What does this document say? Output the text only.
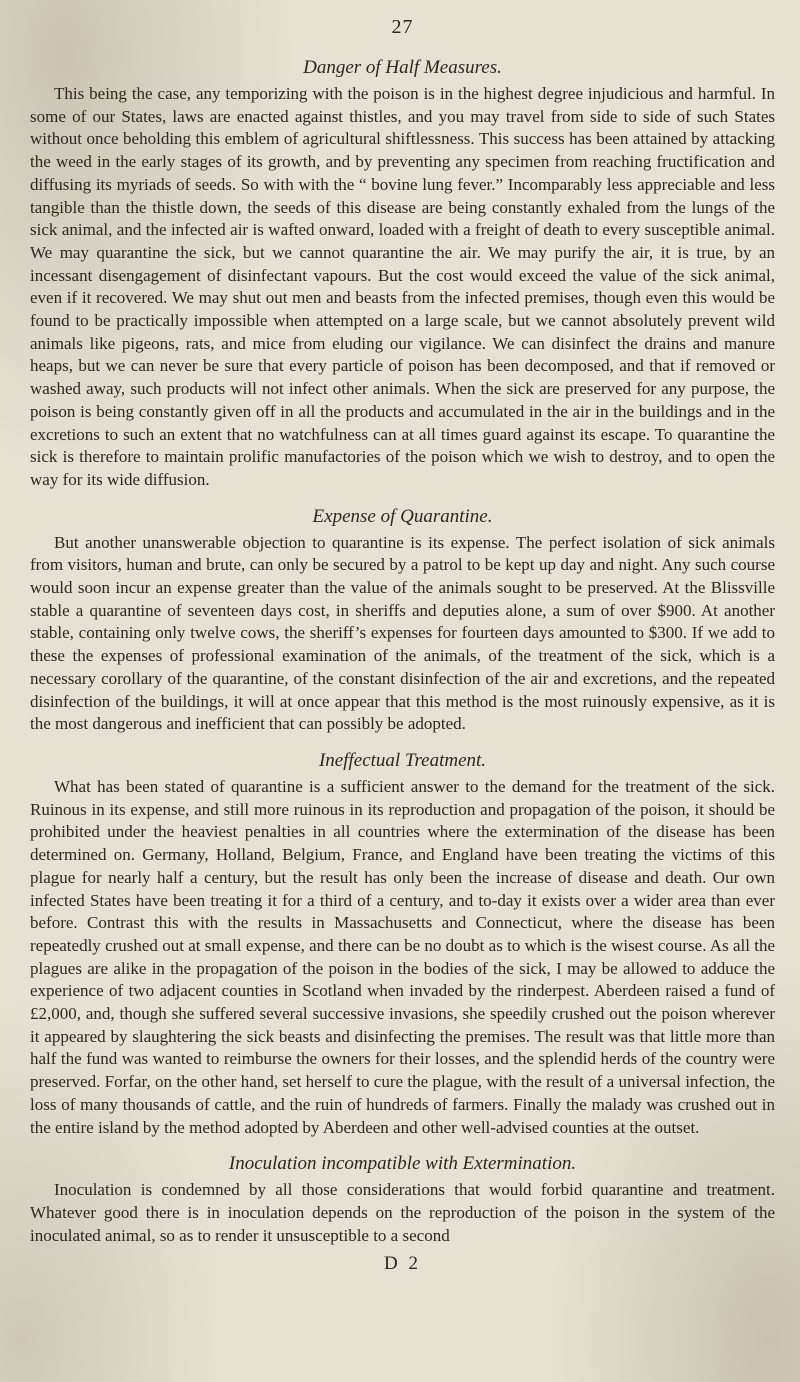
27
Danger of Half Measures.

This being the case, any temporizing with the poison is in the highest degree injudicious and harmful. In some of our States, laws are enacted against thistles, and you may travel from side to side of such States without once beholding this emblem of agricultural shiftlessness. This success has been attained by attacking the weed in the early stages of its growth, and by preventing any specimen from reaching fructification and diffusing its myriads of seeds. So with with the “ bovine lung fever.” Incomparably less appreciable and less tangible than the thistle down, the seeds of this disease are being constantly exhaled from the lungs of the sick animal, and the infected air is wafted onward, loaded with a freight of death to every susceptible animal. We may quarantine the sick, but we cannot quarantine the air. We may purify the air, it is true, by an incessant disengagement of disinfectant vapours. But the cost would exceed the value of the sick animal, even if it recovered. We may shut out men and beasts from the infected premises, though even this would be found to be practically impossible when attempted on a large scale, but we cannot absolutely prevent wild animals like pigeons, rats, and mice from eluding our vigilance. We can disinfect the drains and manure heaps, but we can never be sure that every particle of poison has been decomposed, and that if removed or washed away, such products will not infect other animals. When the sick are preserved for any purpose, the poison is being constantly given off in all the products and accumulated in the air in the buildings and in the excretions to such an extent that no watchfulness can at all times guard against its escape. To quarantine the sick is therefore to maintain prolific manufactories of the poison which we wish to destroy, and to open the way for its wide diffusion.

Expense of Quarantine.

But another unanswerable objection to quarantine is its expense. The perfect isolation of sick animals from visitors, human and brute, can only be secured by a patrol to be kept up day and night. Any such course would soon incur an expense greater than the value of the animals sought to be preserved. At the Blissville stable a quarantine of seventeen days cost, in sheriffs and deputies alone, a sum of over $900. At another stable, containing only twelve cows, the sheriff’s expenses for fourteen days amounted to $300. If we add to these the expenses of professional examination of the animals, of the treatment of the sick, which is a necessary corollary of the quarantine, of the constant disinfection of the air and excretions, and the repeated disinfection of the buildings, it will at once appear that this method is the most ruinously expensive, as it is the most dangerous and inefficient that can possibly be adopted.

Ineffectual Treatment.

What has been stated of quarantine is a sufficient answer to the demand for the treatment of the sick. Ruinous in its expense, and still more ruinous in its reproduction and propagation of the poison, it should be prohibited under the heaviest penalties in all countries where the extermination of the disease has been determined on. Germany, Holland, Belgium, France, and England have been treating the victims of this plague for nearly half a century, but the result has only been the increase of disease and death. Our own infected States have been treating it for a third of a century, and to-day it exists over a wider area than ever before. Contrast this with the results in Massachusetts and Connecticut, where the disease has been repeatedly crushed out at small expense, and there can be no doubt as to which is the wisest course. As all the plagues are alike in the propagation of the poison in the bodies of the sick, I may be allowed to adduce the experience of two adjacent counties in Scotland when invaded by the rinderpest. Aberdeen raised a fund of £2,000, and, though she suffered several successive invasions, she speedily crushed out the poison wherever it appeared by slaughtering the sick beasts and disinfecting the premises. The result was that little more than half the fund was wanted to reimburse the owners for their losses, and the splendid herds of the country were preserved. Forfar, on the other hand, set herself to cure the plague, with the result of a universal infection, the loss of many thousands of cattle, and the ruin of hundreds of farmers. Finally the malady was crushed out in the entire island by the method adopted by Aberdeen and other well-advised counties at the outset.

Inoculation incompatible with Extermination.

Inoculation is condemned by all those considerations that would forbid quarantine and treatment. Whatever good there is in inoculation depends on the reproduction of the poison in the system of the inoculated animal, so as to render it unsusceptible to a second

D 2
